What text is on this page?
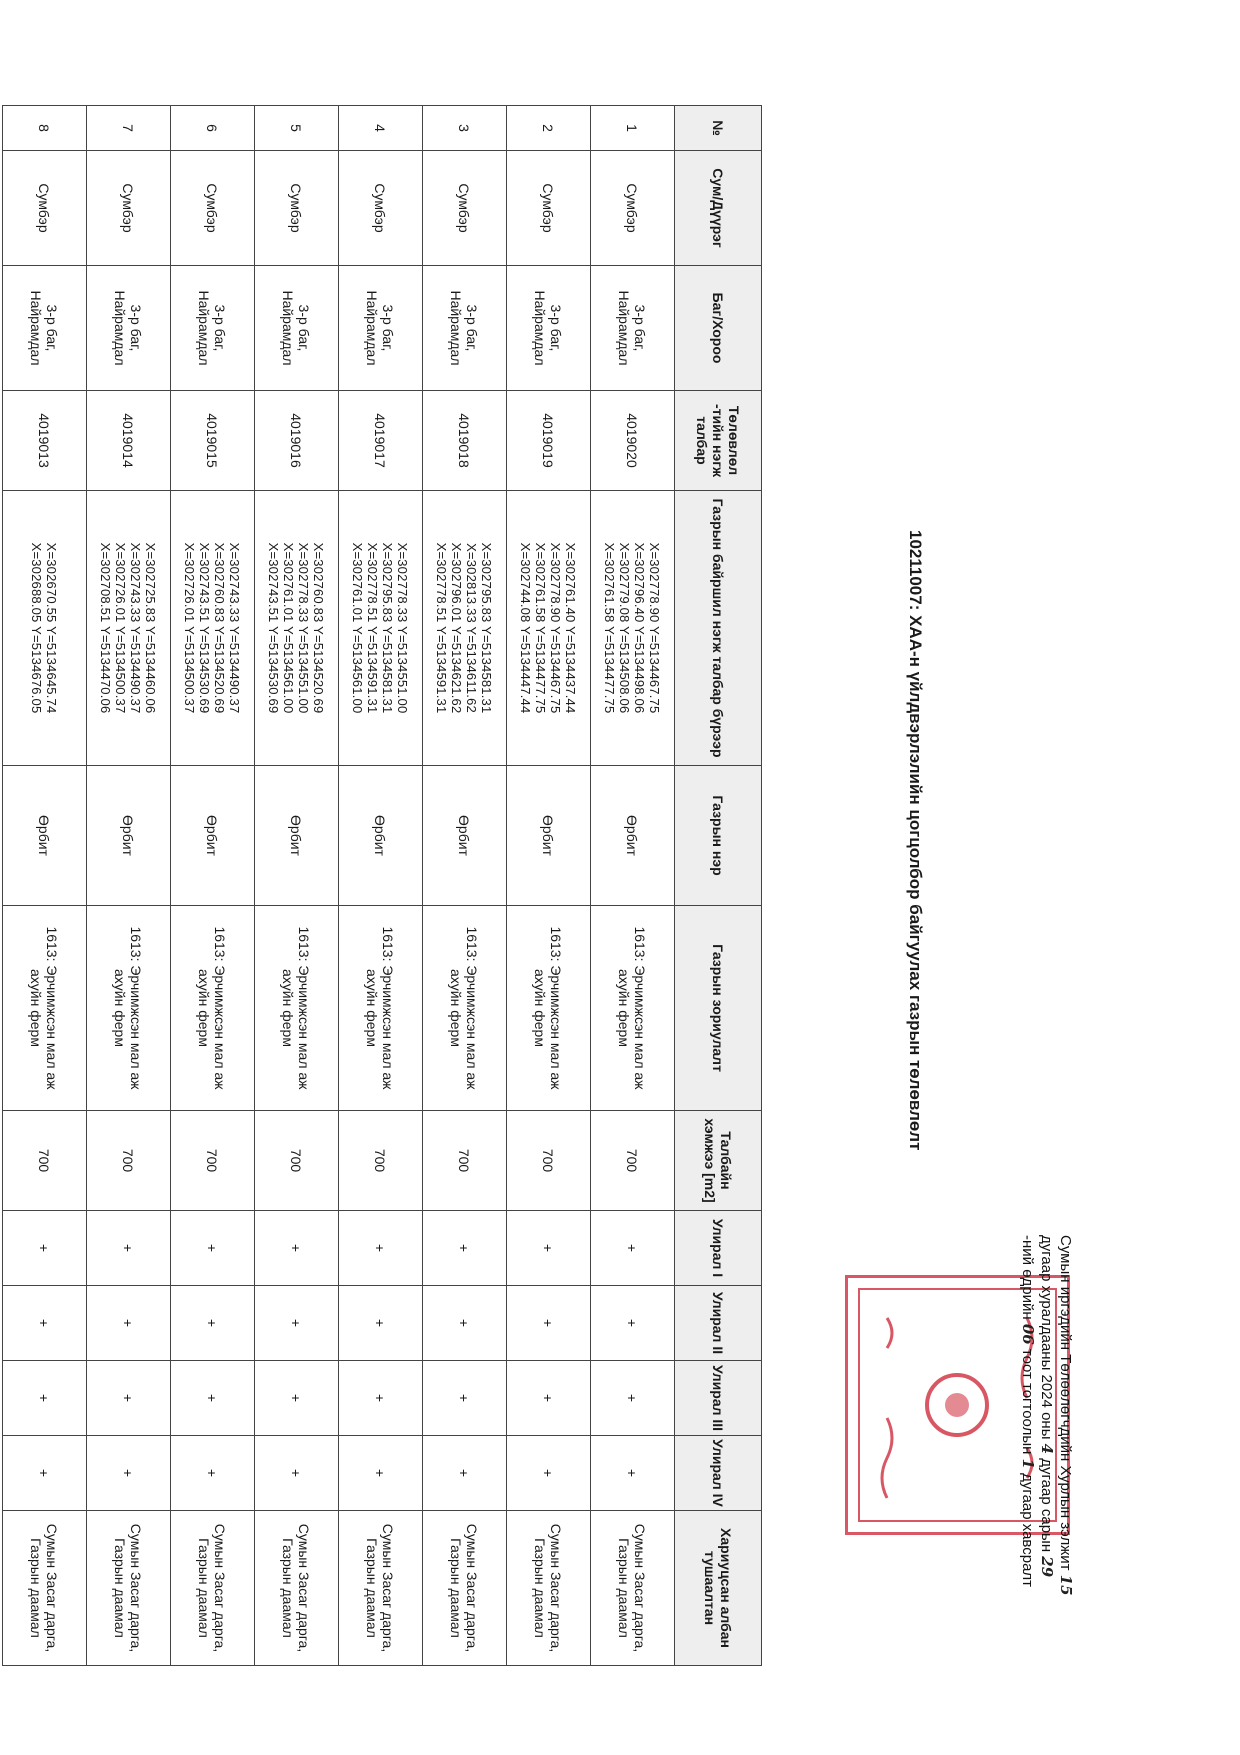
10211007: ХАА-н үйлдвэрлэлийн цогцолбор байгуулах газрын төлөвлөлт
Сумын иргэдийн Төлөөлөгчдийн Хурлын зэлжит 15
дугаар хуралдааны 2024 оны 4 дугаар сарын 29
-ний өдрийн 06 тоот тогтоолын 1 дугаар хавсралт
№	Сум/Дүүрэг	Баг/Хороо	Төлөвлөл -тийн нэгж талбар	Газрын байршил нэгж талбар бүрээр	Газрын нэр	Газрын зориулалт	Талбайн хэмжээ [m2]	Улирал I	Улирал II	Улирал III	Улирал IV	Хариуцсан албан тушаалтан
1	Сумбэр	3-р баг, Найрамдал	4019020	X=302778.90 Y=5134467.75
X=302796.40 Y=5134498.06
X=302779.08 Y=5134508.06
X=302761.58 Y=5134477.75	Өрбит	1613: Эрчимжсэн мал аж ахуйн ферм	700	+	+	+	+	Сумын Засаг дарга, Газрын даамал
2	Сумбэр	3-р баг, Найрамдал	4019019	X=302761.40 Y=5134437.44
X=302778.90 Y=5134467.75
X=302761.58 Y=5134477.75
X=302744.08 Y=5134447.44	Өрбит	1613: Эрчимжсэн мал аж ахуйн ферм	700	+	+	+	+	Сумын Засаг дарга, Газрын даамал
3	Сумбэр	3-р баг, Найрамдал	4019018	X=302795.83 Y=5134581.31
X=302813.33 Y=5134611.62
X=302796.01 Y=5134621.62
X=302778.51 Y=5134591.31	Өрбит	1613: Эрчимжсэн мал аж ахуйн ферм	700	+	+	+	+	Сумын Засаг дарга, Газрын даамал
4	Сумбэр	3-р баг, Найрамдал	4019017	X=302778.33 Y=5134551.00
X=302795.83 Y=5134581.31
X=302778.51 Y=5134591.31
X=302761.01 Y=5134561.00	Өрбит	1613: Эрчимжсэн мал аж ахуйн ферм	700	+	+	+	+	Сумын Засаг дарга, Газрын даамал
5	Сумбэр	3-р баг, Найрамдал	4019016	X=302760.83 Y=5134520.69
X=302778.33 Y=5134551.00
X=302761.01 Y=5134561.00
X=302743.51 Y=5134530.69	Өрбит	1613: Эрчимжсэн мал аж ахуйн ферм	700	+	+	+	+	Сумын Засаг дарга, Газрын даамал
6	Сумбэр	3-р баг, Найрамдал	4019015	X=302743.33 Y=5134490.37
X=302760.83 Y=5134520.69
X=302743.51 Y=5134530.69
X=302726.01 Y=5134500.37	Өрбит	1613: Эрчимжсэн мал аж ахуйн ферм	700	+	+	+	+	Сумын Засаг дарга, Газрын даамал
7	Сумбэр	3-р баг, Найрамдал	4019014	X=302725.83 Y=5134460.06
X=302743.33 Y=5134490.37
X=302726.01 Y=5134500.37
X=302708.51 Y=5134470.06	Өрбит	1613: Эрчимжсэн мал аж ахуйн ферм	700	+	+	+	+	Сумын Засаг дарга, Газрын даамал
8	Сумбэр	3-р баг, Найрамдал	4019013	X=302670.55 Y=5134645.74
X=302688.05 Y=5134676.05	Өрбит	1613: Эрчимжсэн мал аж ахуйн ферм	700	+	+	+	+	Сумын Засаг дарга, Газрын даамал
